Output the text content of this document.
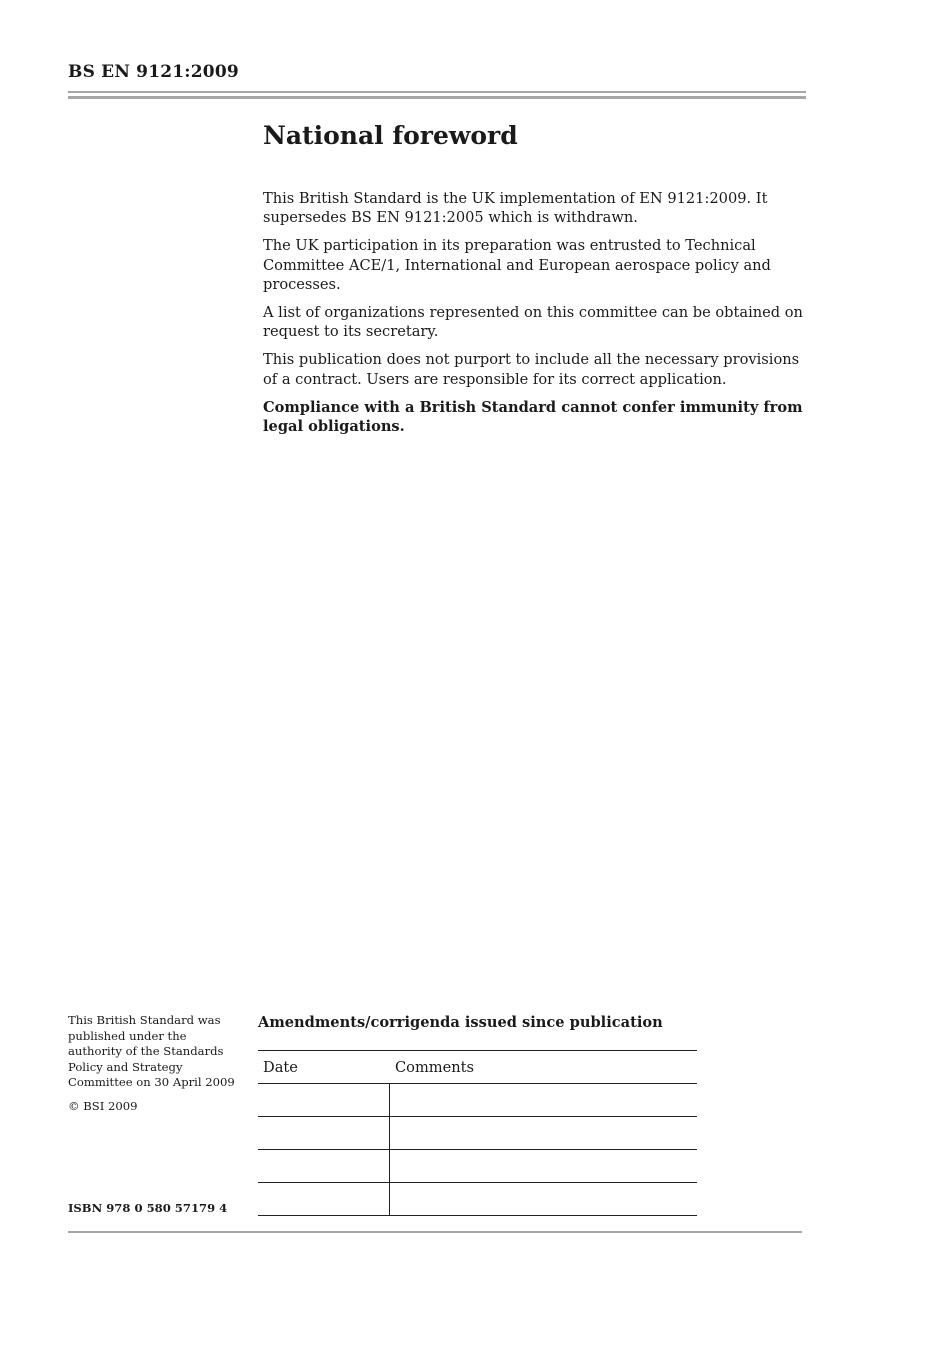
BS EN 9121:2009
National foreword

This British Standard is the UK implementation of EN 9121:2009. It supersedes BS EN 9121:2005 which is withdrawn.

The UK participation in its preparation was entrusted to Technical Committee ACE/1, International and European aerospace policy and processes.

A list of organizations represented on this committee can be obtained on request to its secretary.

This publication does not purport to include all the necessary provisions of a contract. Users are responsible for its correct application.

Compliance with a British Standard cannot confer immunity from legal obligations.

This British Standard was published under the authority of the Standards Policy and Strategy Committee on 30 April 2009

© BSI 2009

ISBN 978 0 580 57179 4
Amendments/corrigenda issued since publication
Date	Comments
